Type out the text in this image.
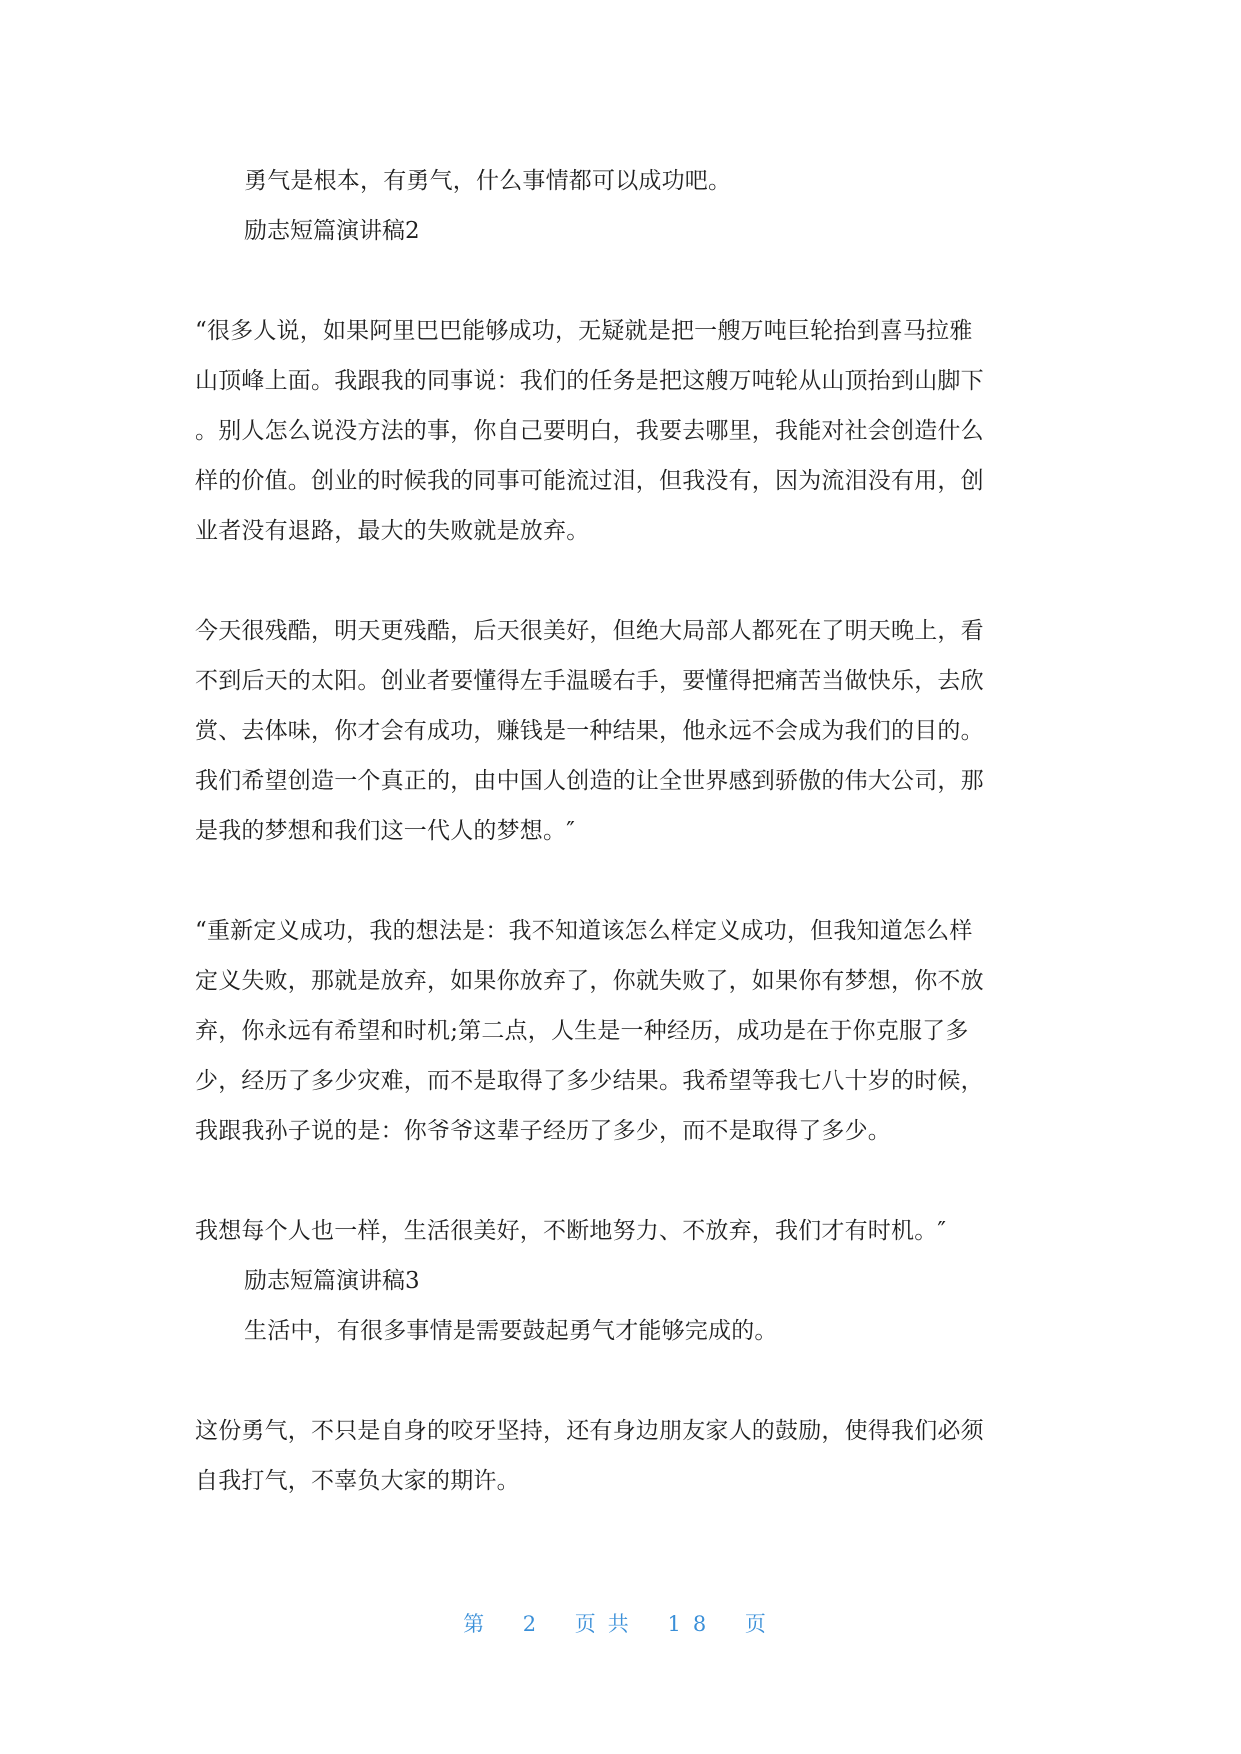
勇气是根本，有勇气，什么事情都可以成功吧。
励志短篇演讲稿2
“很多人说，如果阿里巴巴能够成功，无疑就是把一艘万吨巨轮抬到喜马拉雅
山顶峰上面。我跟我的同事说：我们的任务是把这艘万吨轮从山顶抬到山脚下
。别人怎么说没方法的事，你自己要明白，我要去哪里，我能对社会创造什么
样的价值。创业的时候我的同事可能流过泪，但我没有，因为流泪没有用，创
业者没有退路，最大的失败就是放弃。
今天很残酷，明天更残酷，后天很美好，但绝大局部人都死在了明天晚上，看
不到后天的太阳。创业者要懂得左手温暖右手，要懂得把痛苦当做快乐，去欣
赏、去体味，你才会有成功，赚钱是一种结果，他永远不会成为我们的目的。
我们希望创造一个真正的，由中国人创造的让全世界感到骄傲的伟大公司，那
是我的梦想和我们这一代人的梦想。″
“重新定义成功，我的想法是：我不知道该怎么样定义成功，但我知道怎么样
定义失败，那就是放弃，如果你放弃了，你就失败了，如果你有梦想，你不放
弃，你永远有希望和时机;第二点，人生是一种经历，成功是在于你克服了多
少，经历了多少灾难，而不是取得了多少结果。我希望等我七八十岁的时候，
我跟我孙子说的是：你爷爷这辈子经历了多少，而不是取得了多少。
我想每个人也一样，生活很美好，不断地努力、不放弃，我们才有时机。″
励志短篇演讲稿3
生活中，有很多事情是需要鼓起勇气才能够完成的。
这份勇气，不只是自身的咬牙坚持，还有身边朋友家人的鼓励，使得我们必须
自我打气，不辜负大家的期许。
第 2 页共 18 页
